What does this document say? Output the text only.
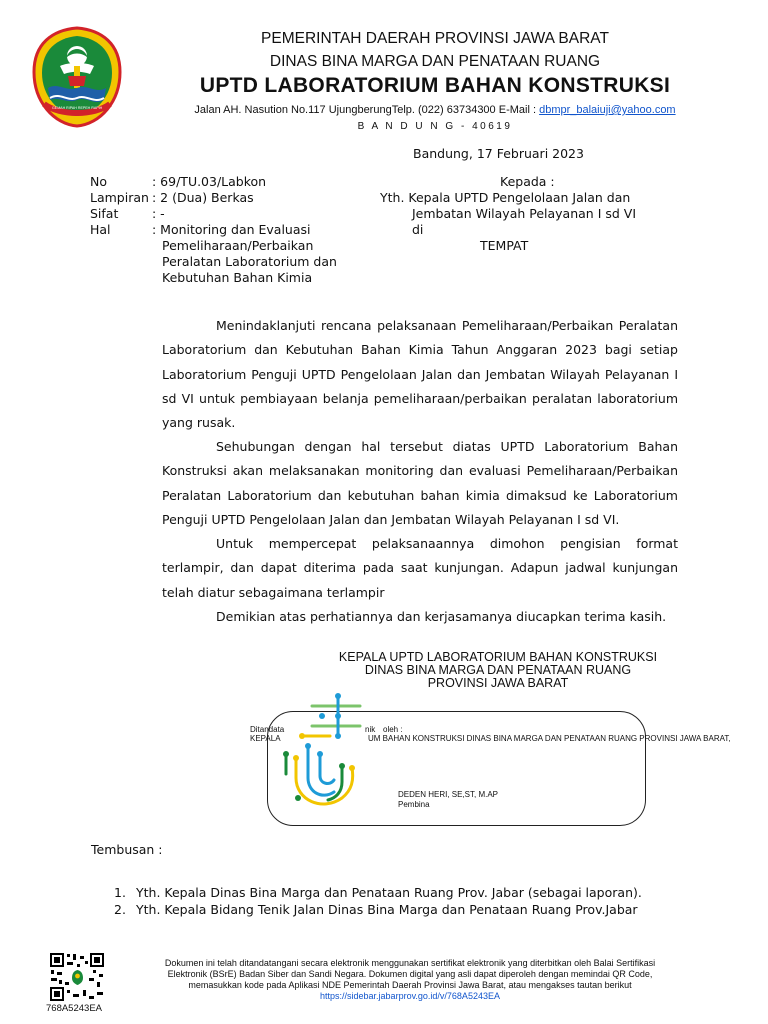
GEMAH RIPAH REPEH RAPIH
PEMERINTAH DAERAH PROVINSI JAWA BARAT
DINAS BINA MARGA DAN PENATAAN RUANG
UPTD LABORATORIUM BAHAN KONSTRUKSI
Jalan AH. Nasution No.117 UjungberungTelp. (022) 63734300 E-Mail : dbmpr_balaiuji@yahoo.com
B A N D U N G - 40619
Bandung, 17 Februari 2023
No	: 69/TU.03/Labkon
Lampiran	: 2 (Dua) Berkas
Sifat	: -
Hal	: Monitoring dan Evaluasi
	Pemeliharaan/Perbaikan
	Peralatan Laboratorium dan
	Kebutuhan Bahan Kimia
Kepada :
Yth. Kepala UPTD Pengelolaan Jalan dan
Jembatan Wilayah Pelayanan I sd VI
di
TEMPAT
Menindaklanjuti rencana pelaksanaan Pemeliharaan/Perbaikan Peralatan Laboratorium dan Kebutuhan Bahan Kimia Tahun Anggaran 2023 bagi setiap Laboratorium Penguji UPTD Pengelolaan Jalan dan Jembatan Wilayah Pelayanan I sd VI untuk pembiayaan belanja pemeliharaan/perbaikan peralatan laboratorium yang rusak.
Sehubungan dengan hal tersebut diatas UPTD Laboratorium Bahan Konstruksi akan melaksanakan monitoring dan evaluasi Pemeliharaan/Perbaikan Peralatan Laboratorium dan kebutuhan bahan kimia dimaksud ke Laboratorium Penguji UPTD Pengelolaan Jalan dan Jembatan Wilayah Pelayanan I sd VI.
Untuk mempercepat pelaksanaannya dimohon pengisian format terlampir, dan dapat diterima pada saat kunjungan. Adapun jadwal kunjungan telah diatur sebagaimana terlampir
Demikian atas perhatiannya dan kerjasamanya diucapkan terima kasih.
KEPALA UPTD LABORATORIUM BAHAN KONSTRUKSI
DINAS BINA MARGA DAN PENATAAN RUANG
PROVINSI JAWA BARAT
Ditandata	nik oleh :
KEPALA	UM BAHAN KONSTRUKSI DINAS BINA MARGA DAN PENATAAN RUANG PROVINSI JAWA BARAT,
DEDEN HERI, SE,ST, M.AP
Pembina
Tembusan :
1. Yth. Kepala Dinas Bina Marga dan Penataan Ruang Prov. Jabar (sebagai laporan).
2. Yth. Kepala Bidang Tenik Jalan Dinas Bina Marga dan Penataan Ruang Prov.Jabar
768A5243EA
Dokumen ini telah ditandatangani secara elektronik menggunakan sertifikat elektronik yang diterbitkan oleh Balai Sertifikasi
Elektronik (BSrE) Badan Siber dan Sandi Negara. Dokumen digital yang asli dapat diperoleh dengan memindai QR Code,
memasukkan kode pada Aplikasi NDE Pemerintah Daerah Provinsi Jawa Barat, atau mengakses tautan berikut
https://sidebar.jabarprov.go.id/v/768A5243EA
